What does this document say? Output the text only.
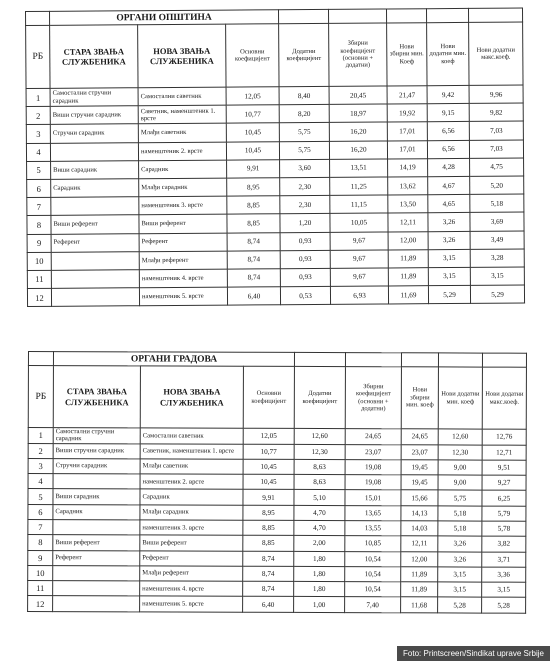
	ОРГАНИ ОПШТИНА							
РБ	СТАРА ЗВАЊА СЛУЖБЕНИКА	НОВА ЗВАЊА СЛУЖБЕНИКА	Основни коефицијент	Додатни коефицијент	Збирни коефицијент (основни + додатни)	Нови збирни мин. Коеф	Нови додатни мин. коеф	Нови додатни макс.коеф.
1	Самостални стручни сарадник	Самостални саветник	12,05	8,40	20,45	21,47	9,42	9,96
2	Виши стручни сарадник	Саветник, наменштеник 1. врсте	10,77	8,20	18,97	19,92	9,15	9,82
3	Стручни сарадник	Млађи саветник	10,45	5,75	16,20	17,01	6,56	7,03
4		наменштеник 2. врсте	10,45	5,75	16,20	17,01	6,56	7,03
5	Виши сарадник	Сарадник	9,91	3,60	13,51	14,19	4,28	4,75
6	Сарадник	Млађи сарадник	8,95	2,30	11,25	13,62	4,67	5,20
7		наменштеник 3. врсте	8,85	2,30	11,15	13,50	4,65	5,18
8	Виши референт	Виши референт	8,85	1,20	10,05	12,11	3,26	3,69
9	Референт	Референт	8,74	0,93	9,67	12,00	3,26	3,49
10		Млађи референт	8,74	0,93	9,67	11,89	3,15	3,28
11		наменштеник 4. врсте	8,74	0,93	9,67	11,89	3,15	3,15
12		наменштеник 5. врсте	6,40	0,53	6,93	11,69	5,29	5,29
	ОРГАНИ ГРАДОВА							
РБ	СТАРА ЗВАЊА СЛУЖБЕНИКА	НОВА ЗВАЊА СЛУЖБЕНИКА	Основни коефицијент	Додатни коефицијент	Збирни коефицијент (основни + додатни)	Нови збирни мин. коеф	Нови додатни мин. коеф	Нови додатни макс.коеф.
1	Самостални стручни сарадник	Самостални саветник	12,05	12,60	24,65	24,65	12,60	12,76
2	Виши стручни сарадник	Саветник, наменштеник 1. врсте	10,77	12,30	23,07	23,07	12,30	12,71
3	Стручни сарадник	Млађи саветник	10,45	8,63	19,08	19,45	9,00	9,51
4		наменштеник 2. врсте	10,45	8,63	19,08	19,45	9,00	9,27
5	Виши сарадник	Сарадник	9,91	5,10	15,01	15,66	5,75	6,25
6	Сарадник	Млађи сарадник	8,95	4,70	13,65	14,13	5,18	5,79
7		наменштеник 3. врсте	8,85	4,70	13,55	14,03	5,18	5,78
8	Виши референт	Виши референт	8,85	2,00	10,85	12,11	3,26	3,82
9	Референт	Референт	8,74	1,80	10,54	12,00	3,26	3,71
10		Млађи референт	8,74	1,80	10,54	11,89	3,15	3,36
11		наменштеник 4. врсте	8,74	1,80	10,54	11,89	3,15	3,15
12		наменштеник 5. врсте	6,40	1,00	7,40	11,68	5,28	5,28
Foto: Printscreen/Sindikat uprave Srbije
